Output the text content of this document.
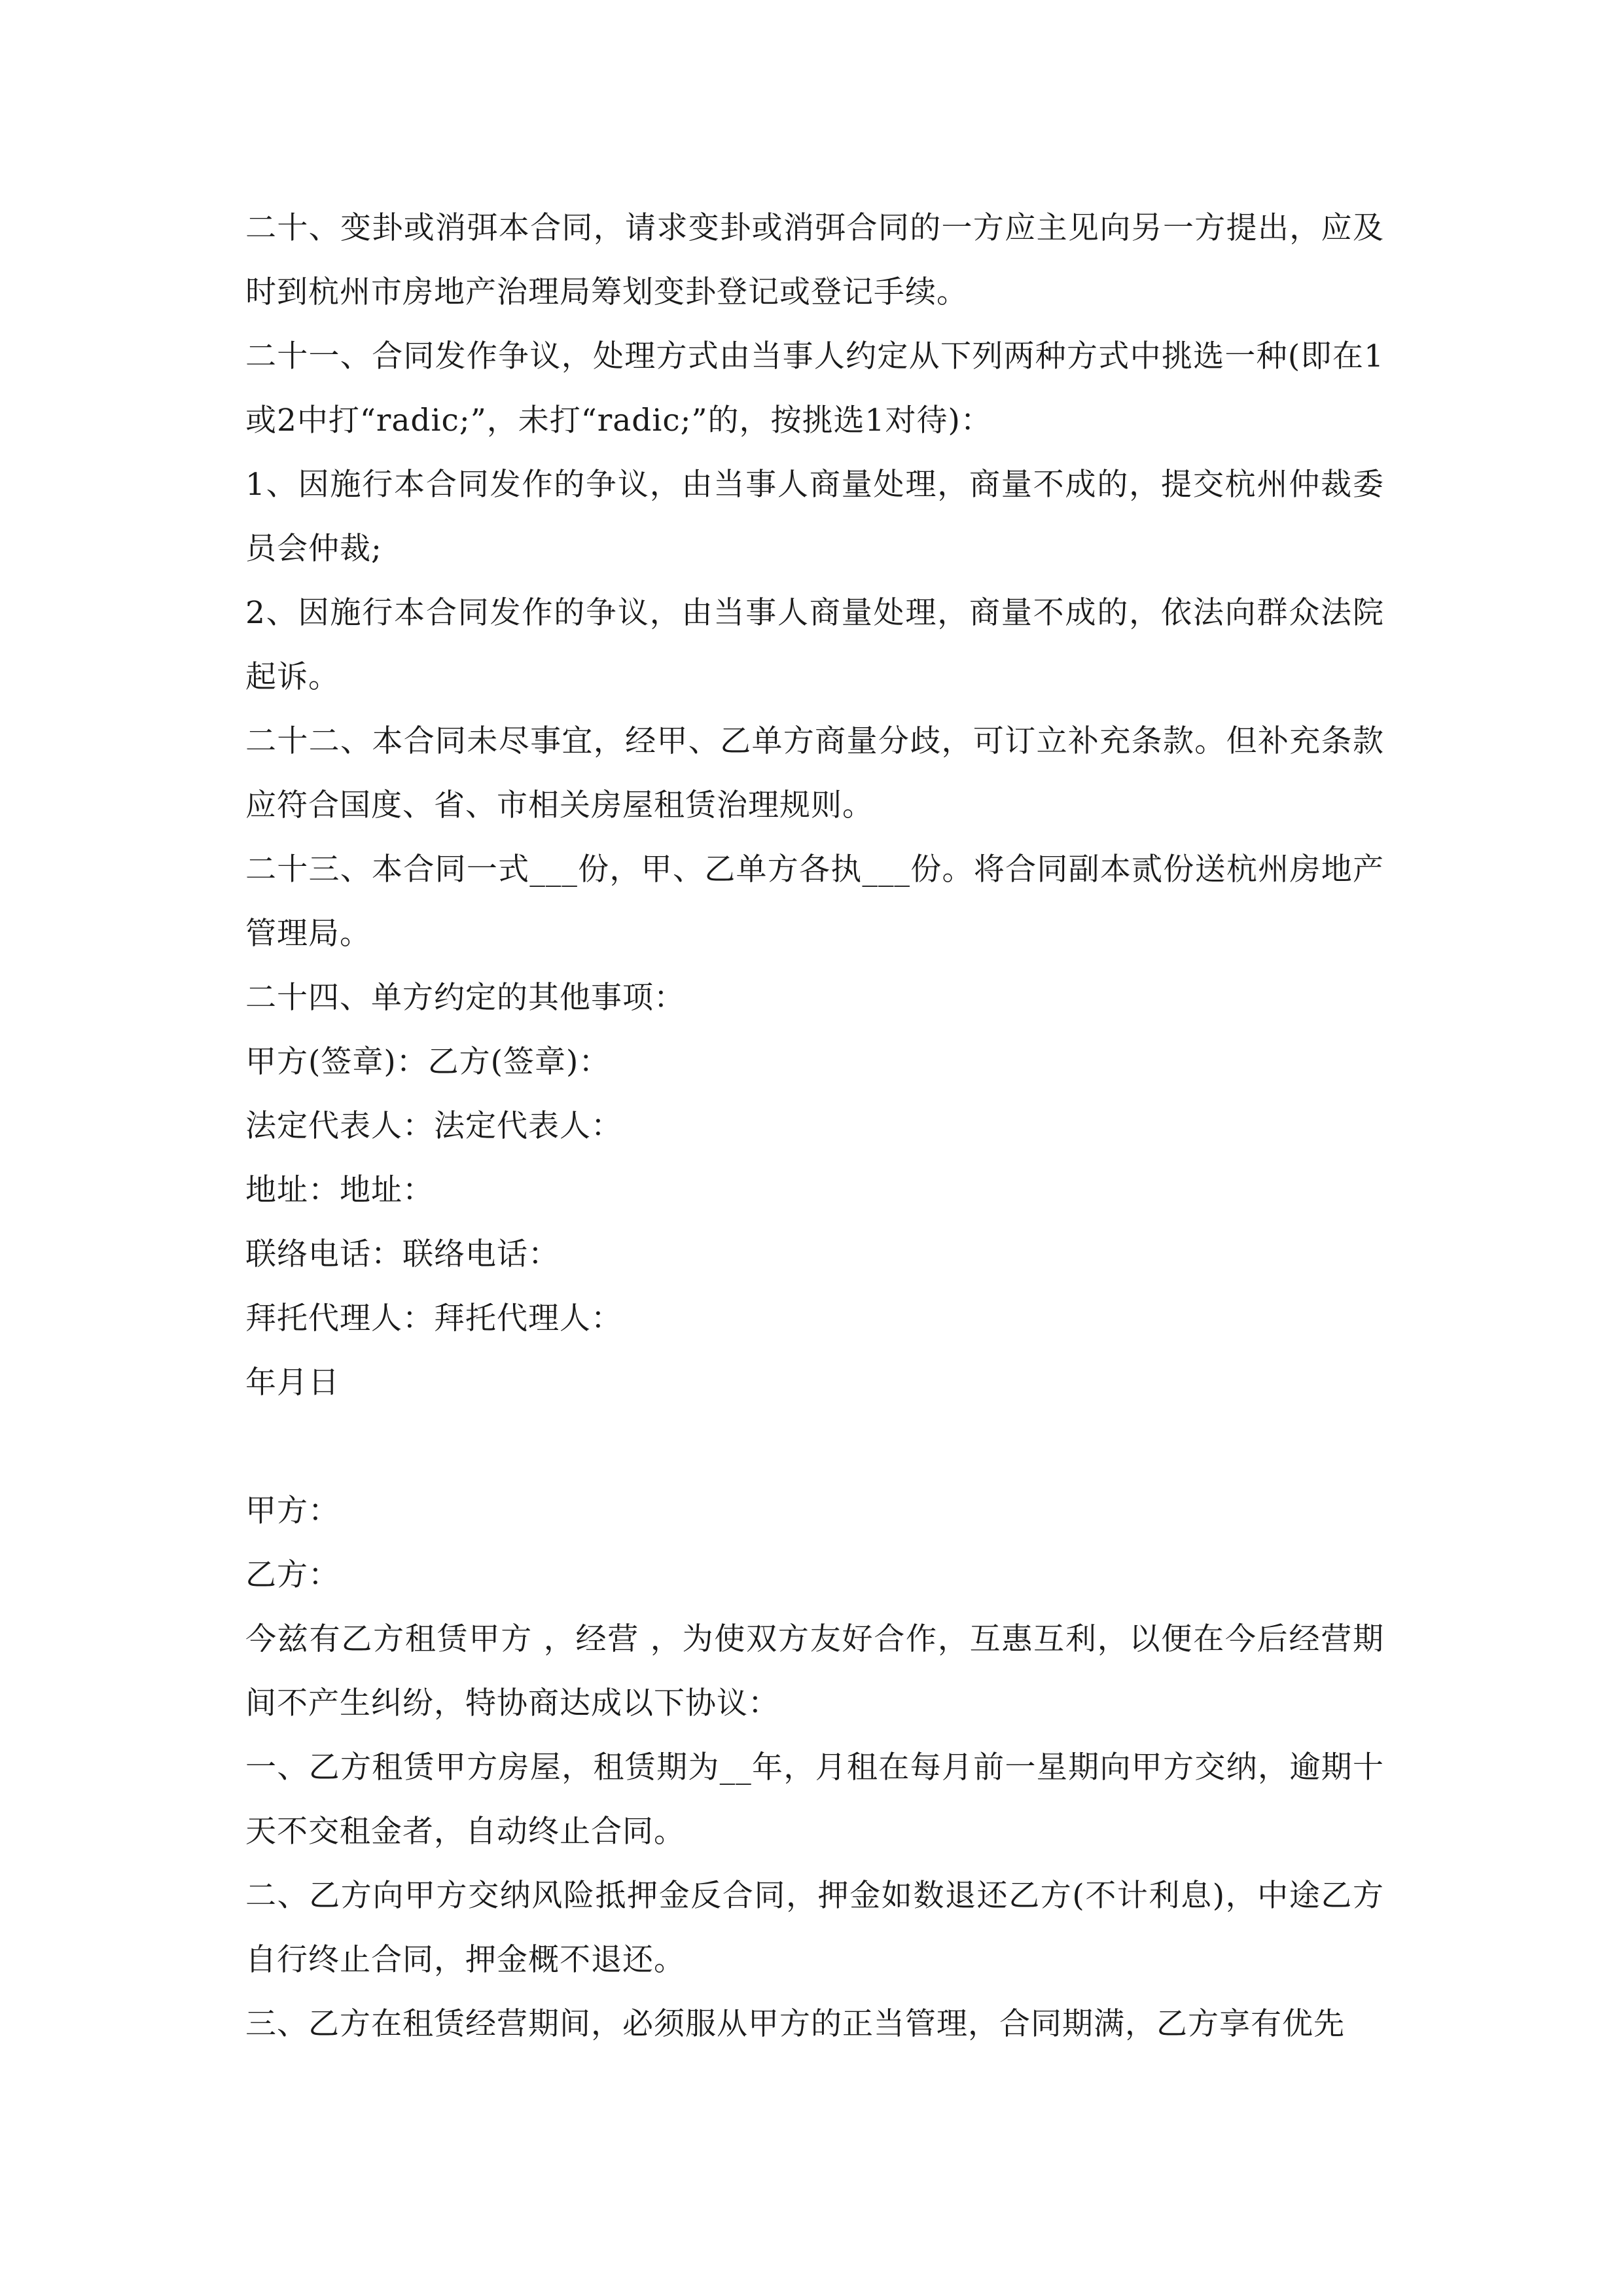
二十、变卦或消弭本合同，请求变卦或消弭合同的一方应主见向另一方提出，应及时到杭州市房地产治理局筹划变卦登记或登记手续。

二十一、合同发作争议，处理方式由当事人约定从下列两种方式中挑选一种(即在1或2中打“radic;”，未打“radic;”的，按挑选1对待)：

1、因施行本合同发作的争议，由当事人商量处理，商量不成的，提交杭州仲裁委员会仲裁;

2、因施行本合同发作的争议，由当事人商量处理，商量不成的，依法向群众法院起诉。

二十二、本合同未尽事宜，经甲、乙单方商量分歧，可订立补充条款。但补充条款应符合国度、省、市相关房屋租赁治理规则。

二十三、本合同一式___份，甲、乙单方各执___份。将合同副本贰份送杭州房地产管理局。

二十四、单方约定的其他事项：

甲方(签章)：乙方(签章)：

法定代表人：法定代表人：

地址：地址：

联络电话：联络电话：

拜托代理人：拜托代理人：

年月日

甲方：

乙方：

今兹有乙方租赁甲方 ，经营 ，为使双方友好合作，互惠互利，以便在今后经营期间不产生纠纷，特协商达成以下协议：

一、乙方租赁甲方房屋，租赁期为__年，月租在每月前一星期向甲方交纳，逾期十天不交租金者，自动终止合同。

二、乙方向甲方交纳风险抵押金反合同，押金如数退还乙方(不计利息)，中途乙方自行终止合同，押金概不退还。

三、乙方在租赁经营期间，必须服从甲方的正当管理，合同期满，乙方享有优先
